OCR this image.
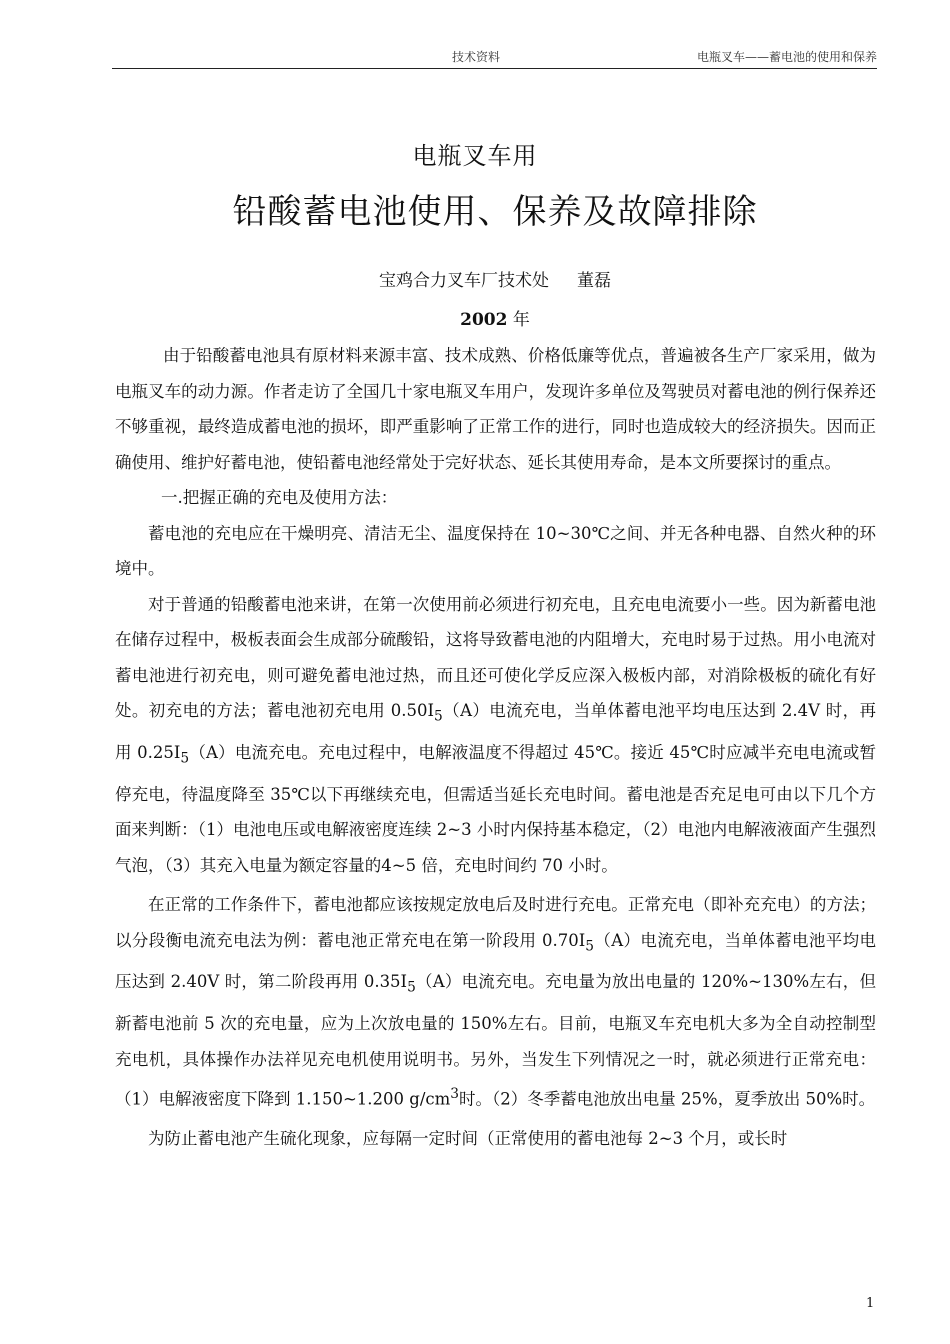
技术资料	电瓶叉车——蓄电池的使用和保养
电瓶叉车用
铅酸蓄电池使用、保养及故障排除
宝鸡合力叉车厂技术处 董磊
2002 年

由于铅酸蓄电池具有原材料来源丰富、技术成熟、价格低廉等优点，普遍被各生产厂家采用，做为电瓶叉车的动力源。作者走访了全国几十家电瓶叉车用户，发现许多单位及驾驶员对蓄电池的例行保养还不够重视，最终造成蓄电池的损坏，即严重影响了正常工作的进行，同时也造成较大的经济损失。因而正确使用、维护好蓄电池，使铅蓄电池经常处于完好状态、延长其使用寿命，是本文所要探讨的重点。

一.把握正确的充电及使用方法：

蓄电池的充电应在干燥明亮、清洁无尘、温度保持在 10~30℃之间、并无各种电器、自然火种的环境中。

对于普通的铅酸蓄电池来讲，在第一次使用前必须进行初充电，且充电电流要小一些。因为新蓄电池在储存过程中，极板表面会生成部分硫酸铅，这将导致蓄电池的内阻增大，充电时易于过热。用小电流对蓄电池进行初充电，则可避免蓄电池过热，而且还可使化学反应深入极板内部，对消除极板的硫化有好处。初充电的方法；蓄电池初充电用 $0.50I_5(A)$电流充电，当单体蓄电池平均电压达到 2.4V 时，再用 $0.25I_5(A)$电流充电。充电过程中，电解液温度不得超过 45℃。接近 45℃时应减半充电电流或暂停充电，待温度降至 35℃以下再继续充电，但需适当延长充电时间。蓄电池是否充足电可由以下几个方面来判断：（1）电池电压或电解液密度连续 2~3 小时内保持基本稳定，（2）电池内电解液液面产生强烈气泡，（3）其充入电量为额定容量的4~5 倍，充电时间约 70 小时。

在正常的工作条件下，蓄电池都应该按规定放电后及时进行充电。正常充电（即补充充电）的方法；以分段衡电流充电法为例：蓄电池正常充电在第一阶段用 $0.70I_5(A)$电流充电，当单体蓄电池平均电压达到 2.40V 时，第二阶段再用 $0.35I_5(A)$电流充电。充电量为放出电量的 120%~130%左右，但新蓄电池前 5 次的充电量，应为上次放电量的 150%左右。目前，电瓶叉车充电机大多为全自动控制型充电机，具体操作办法祥见充电机使用说明书。另外，当发生下列情况之一时，就必须进行正常充电：（1）电解液密度下降到 1.150~1.200 $g/cm^3$时。（2）冬季蓄电池放出电量 25%，夏季放出 50%时。

为防止蓄电池产生硫化现象，应每隔一定时间（正常使用的蓄电池每 2~3 个月，或长时

1
